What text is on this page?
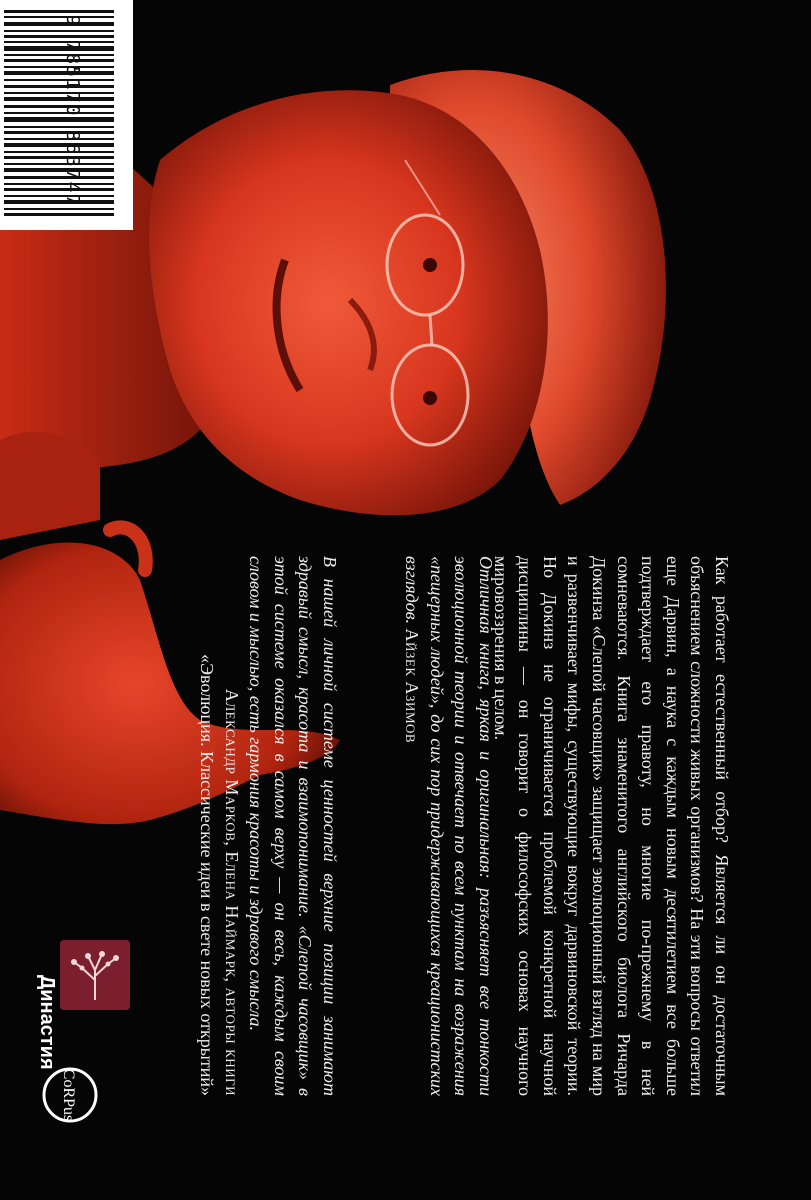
9 785170 863747
Как работает естественный отбор? Является ли он достаточным объяснением сложности живых организмов? На эти вопросы ответил еще Дарвин, а наука с каждым новым десятилетием все больше подтверждает его правоту, но многие по-прежнему в ней сомневаются. Книга знаменитого английского биолога Ричарда Докинза «Слепой часовщик» защищает эволюционный взгляд на мир и развенчивает мифы, существующие вокруг дарвиновской теории. Но Докинз не ограничивается проблемой конкретной научной дисциплины — он говорит о философских основах научного мировоззрения в целом.
Отличная книга, яркая и оригинальная: разъясняет все тонкости эволюционной теории и отвечает по всем пунктам на возражения «пещерных людей», до сих пор придерживающихся креационистских взглядов. Айзек Азимов
В нашей личной системе ценностей верхние позиции занимают здравый смысл, красота и взаимопонимание. «Слепой часовщик» в этой системе оказался в самом верху — он весь, каждым своим словом и мыслью, есть гармония красоты и здравого смысла.
Александр Марков, Елена Наймарк, авторы книги
«Эволюция. Классические идеи в свете новых открытий»
Династия
CoRPus
